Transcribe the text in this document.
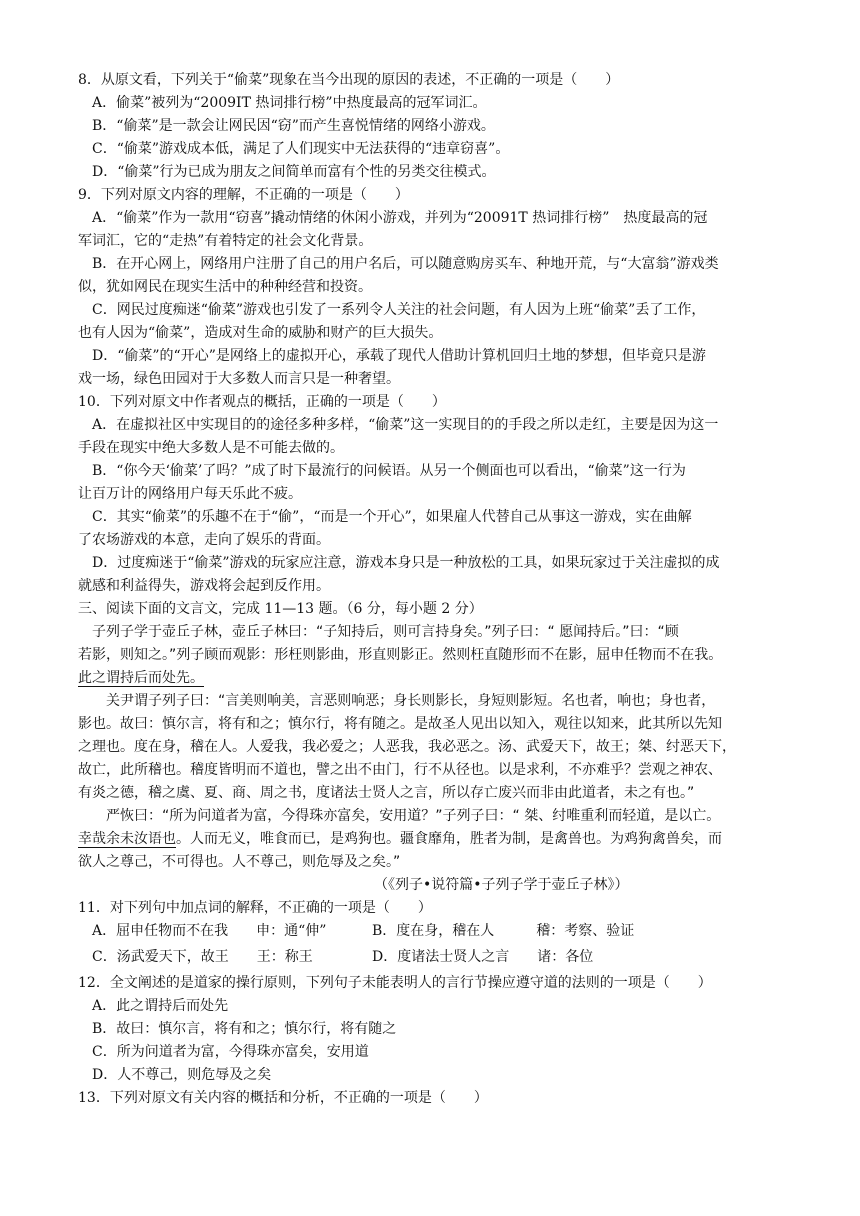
8．从原文看，下列关于“偷菜”现象在当今出现的原因的表述，不正确的一项是（　　）
A．偷菜”被列为“2009IT 热词排行榜”中热度最高的冠军词汇。
B．“偷菜”是一款会让网民因“窃”而产生喜悦情绪的网络小游戏。
C．“偷菜”游戏成本低，满足了人们现实中无法获得的“违章窃喜”。
D．“偷菜”行为已成为朋友之间简单而富有个性的另类交往模式。
9．下列对原文内容的理解，不正确的一项是（　　）
A．“偷菜”作为一款用“窃喜”撬动情绪的休闲小游戏，并列为“20091T 热词排行榜”　热度最高的冠
军词汇，它的“走热”有着特定的社会文化背景。
B．在开心网上，网络用户注册了自己的用户名后，可以随意购房买车、种地开荒，与“大富翁”游戏类
似，犹如网民在现实生活中的种种经营和投资。
C．网民过度痴迷“偷菜”游戏也引发了一系列令人关注的社会问题，有人因为上班“偷菜”丢了工作，
也有人因为“偷菜”，造成对生命的威胁和财产的巨大损失。
D．“偷菜”的“开心”是网络上的虚拟开心，承载了现代人借助计算机回归土地的梦想，但毕竟只是游
戏一场，绿色田园对于大多数人而言只是一种奢望。
10．下列对原文中作者观点的概括，正确的一项是（　　）
A．在虚拟社区中实现目的的途径多种多样，“偷菜”这一实现目的的手段之所以走红，主要是因为这一
手段在现实中绝大多数人是不可能去做的。
B．“你今天‘偷菜’了吗？”成了时下最流行的问候语。从另一个侧面也可以看出，“偷菜”这一行为
让百万计的网络用户每天乐此不疲。
C．其实“偷菜”的乐趣不在于“偷”，“而是一个开心”，如果雇人代替自己从事这一游戏，实在曲解
了农场游戏的本意，走向了娱乐的背面。
D．过度痴迷于“偷菜”游戏的玩家应注意，游戏本身只是一种放松的工具，如果玩家过于关注虚拟的成
就感和利益得失，游戏将会起到反作用。
三、阅读下面的文言文，完成 11—13 题。（6 分，每小题 2 分）
子列子学于壶丘子林，壶丘子林曰：“子知持后，则可言持身矣。”列子曰：“ 愿闻持后。”曰：“顾
若影，则知之。”列子顾而观影：形枉则影曲，形直则影正。然则枉直随形而不在影，屈申任物而不在我。
此之谓持后而处先。
关尹谓子列子曰：“言美则响美，言恶则响恶；身长则影长，身短则影短。名也者，响也；身也者，
影也。故曰：慎尔言，将有和之；慎尔行，将有随之。是故圣人见出以知入，观往以知来，此其所以先知
之理也。度在身，稽在人。人爱我，我必爱之；人恶我，我必恶之。汤、武爱天下，故王；桀、纣恶天下，
故亡，此所稽也。稽度皆明而不道也，譬之出不由门，行不从径也。以是求利，不亦难乎？尝观之神农、
有炎之德，稽之虞、夏、商、周之书，度诸法士贤人之言，所以存亡废兴而非由此道者，未之有也。”
严恢曰：“所为问道者为富，今得珠亦富矣，安用道？”子列子曰：“ 桀、纣唯重利而轻道，是以亡。
幸哉余未汝语也。人而无义，唯食而已，是鸡狗也。疆食靡角，胜者为制，是禽兽也。为鸡狗禽兽矣，而
欲人之尊己，不可得也。人不尊己，则危辱及之矣。”
（《列子•说符篇•子列子学于壶丘子林》）
11．对下列句中加点词的解释，不正确的一项是（　　）
A．屈申任物而不在我　　申：通“伸”	B．度在身，稽在人　　　稽：考察、验证
C．汤武爱天下，故王　　王：称王	D．度诸法士贤人之言　　诸：各位
12．全文阐述的是道家的操行原则，下列句子未能表明人的言行节操应遵守道的法则的一项是（　　）
A．此之谓持后而处先
B．故曰：慎尔言，将有和之；慎尔行，将有随之
C．所为问道者为富，今得珠亦富矣，安用道
D．人不尊己，则危辱及之矣
13．下列对原文有关内容的概括和分析，不正确的一项是（　　）
